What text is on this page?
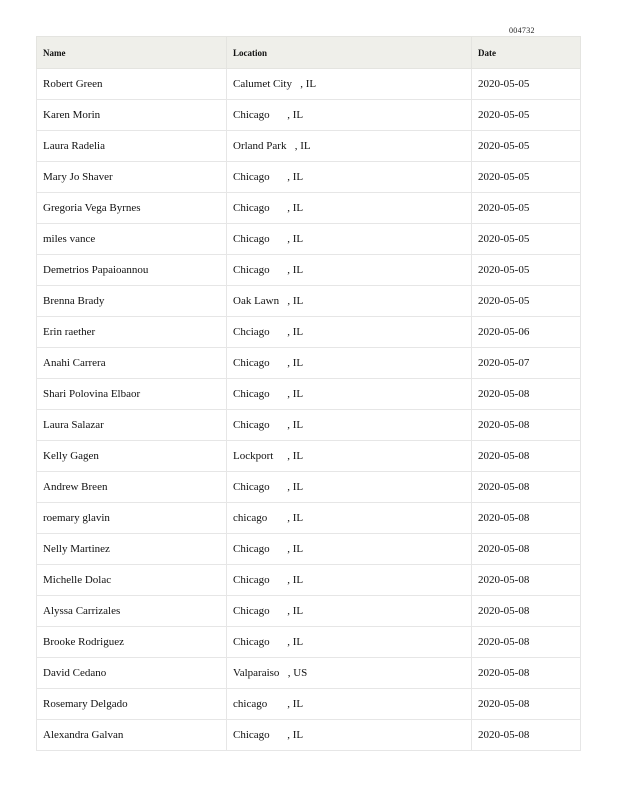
004732
Name	Location	Date
Robert Green	Calumet City , IL	2020-05-05
Karen Morin	Chicago , IL	2020-05-05
Laura Radelia	Orland Park , IL	2020-05-05
Mary Jo Shaver	Chicago , IL	2020-05-05
Gregoria Vega Byrnes	Chicago , IL	2020-05-05
miles vance	Chicago , IL	2020-05-05
Demetrios Papaioannou	Chicago , IL	2020-05-05
Brenna Brady	Oak Lawn , IL	2020-05-05
Erin raether	Chciago , IL	2020-05-06
Anahi Carrera	Chicago , IL	2020-05-07
Shari Polovina Elbaor	Chicago , IL	2020-05-08
Laura Salazar	Chicago , IL	2020-05-08
Kelly Gagen	Lockport , IL	2020-05-08
Andrew Breen	Chicago , IL	2020-05-08
roemary glavin	chicago , IL	2020-05-08
Nelly Martinez	Chicago , IL	2020-05-08
Michelle Dolac	Chicago , IL	2020-05-08
Alyssa Carrizales	Chicago , IL	2020-05-08
Brooke Rodriguez	Chicago , IL	2020-05-08
David Cedano	Valparaiso , US	2020-05-08
Rosemary Delgado	chicago , IL	2020-05-08
Alexandra Galvan	Chicago , IL	2020-05-08
